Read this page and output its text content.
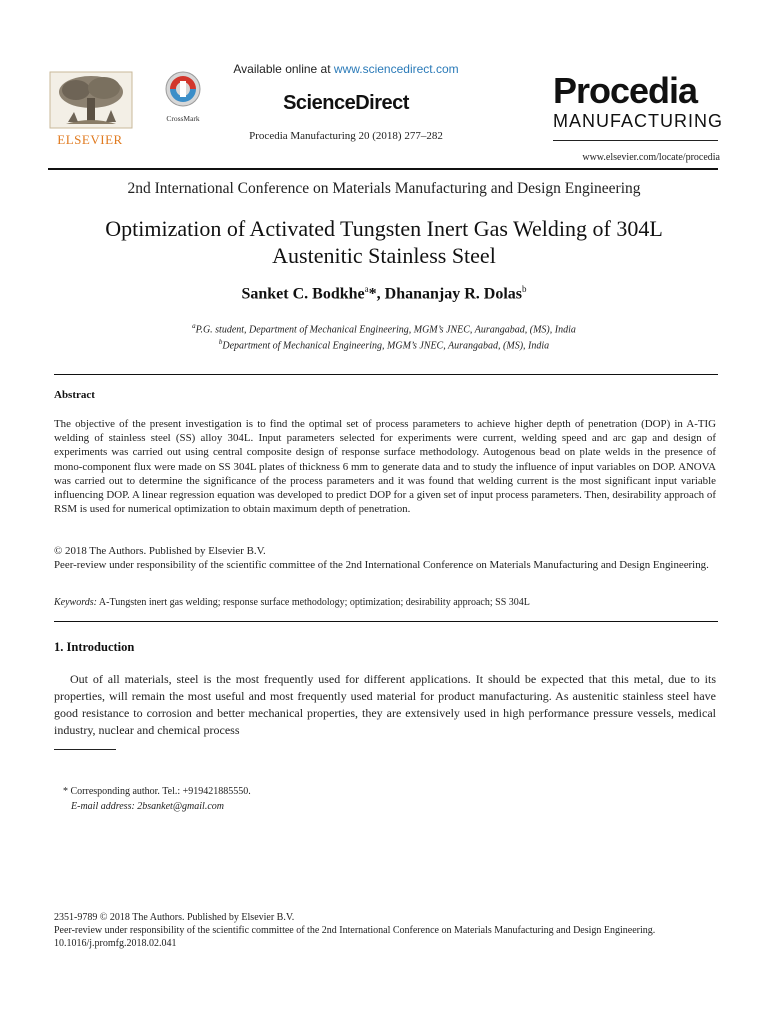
ELSEVIER
CrossMark
Available online at www.sciencedirect.com
ScienceDirect
Procedia Manufacturing 20 (2018) 277–282
Procedia
MANUFACTURING
www.elsevier.com/locate/procedia
2nd International Conference on Materials Manufacturing and Design Engineering
Optimization of Activated Tungsten Inert Gas Welding of 304L Austenitic Stainless Steel
Sanket C. Bodkhe$^a$*, Dhananjay R. Dolas$^b$
$^a$P.G. student, Department of Mechanical Engineering, MGM’s JNEC, Aurangabad, (MS), India
$^b$Department of Mechanical Engineering, MGM’s JNEC, Aurangabad, (MS), India
Abstract
The objective of the present investigation is to find the optimal set of process parameters to achieve higher depth of penetration (DOP) in A-TIG welding of stainless steel (SS) alloy 304L. Input parameters selected for experiments were current, welding speed and arc gap and design of experiments was carried out using central composite design of response surface methodology. Autogenous bead on plate welds in the presence of mono-component flux were made on SS 304L plates of thickness 6 mm to generate data and to study the influence of input variables on DOP. ANOVA was carried out to determine the significance of the process parameters and it was found that welding current is the most significant input variable influencing DOP. A linear regression equation was developed to predict DOP for a given set of input process parameters. Then, desirability approach of RSM is used for numerical optimization to obtain maximum depth of penetration.
© 2018 The Authors. Published by Elsevier B.V.
Peer-review under responsibility of the scientific committee of the 2nd International Conference on Materials Manufacturing and Design Engineering.
Keywords: A-Tungsten inert gas welding; response surface methodology; optimization; desirability approach; SS 304L
1. Introduction
Out of all materials, steel is the most frequently used for different applications. It should be expected that this metal, due to its properties, will remain the most useful and most frequently used material for product manufacturing. As austenitic stainless steel have good resistance to corrosion and better mechanical properties, they are extensively used in high performance pressure vessels, medical industry, nuclear and chemical process
* Corresponding author. Tel.: +919421885550.
E-mail address: 2bsanket@gmail.com
2351-9789 © 2018 The Authors. Published by Elsevier B.V.
Peer-review under responsibility of the scientific committee of the 2nd International Conference on Materials Manufacturing and Design Engineering.
10.1016/j.promfg.2018.02.041
